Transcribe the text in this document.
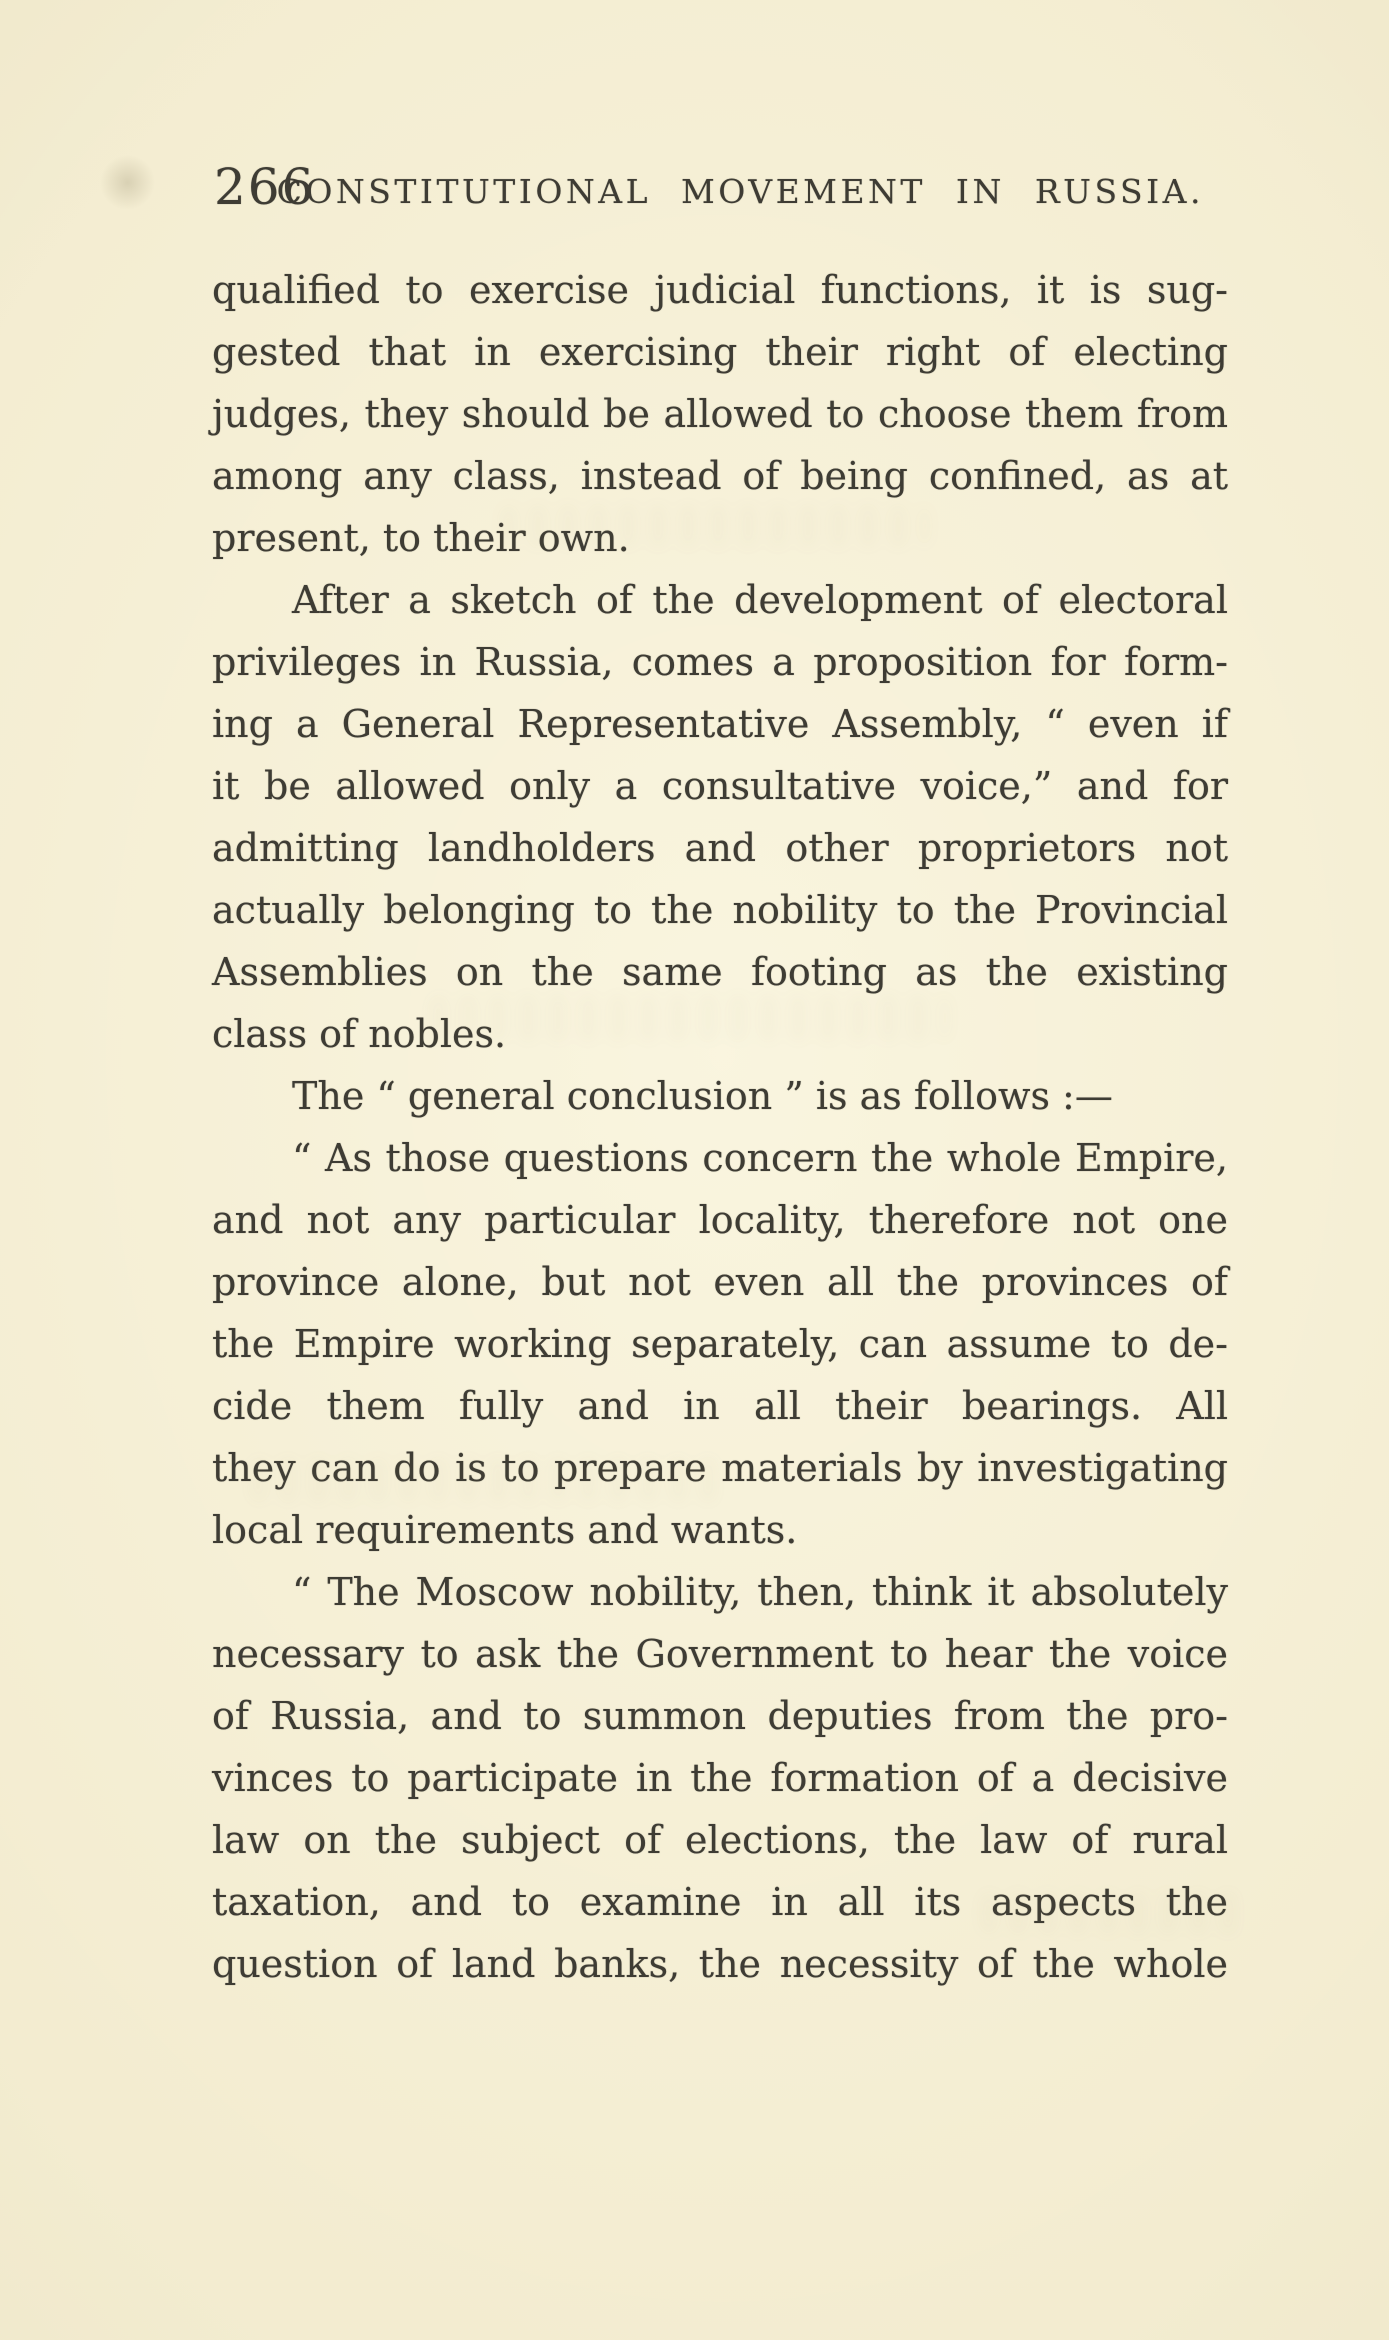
266
CONSTITUTIONAL MOVEMENT IN RUSSIA.
qualified to exercise judicial functions, it is sug-
gested that in exercising their right of electing
judges, they should be allowed to choose them from
among any class, instead of being confined, as at
present, to their own.
After a sketch of the development of electoral
privileges in Russia, comes a proposition for form-
ing a General Representative Assembly, “ even if
it be allowed only a consultative voice,” and for
admitting landholders and other proprietors not
actually belonging to the nobility to the Provincial
Assemblies on the same footing as the existing
class of nobles.
The “ general conclusion ” is as follows :—
“ As those questions concern the whole Empire,
and not any particular locality, therefore not one
province alone, but not even all the provinces of
the Empire working separately, can assume to de-
cide them fully and in all their bearings. All
they can do is to prepare materials by investigating
local requirements and wants.
“ The Moscow nobility, then, think it absolutely
necessary to ask the Government to hear the voice
of Russia, and to summon deputies from the pro-
vinces to participate in the formation of a decisive
law on the subject of elections, the law of rural
taxation, and to examine in all its aspects the
question of land banks, the necessity of the whole
